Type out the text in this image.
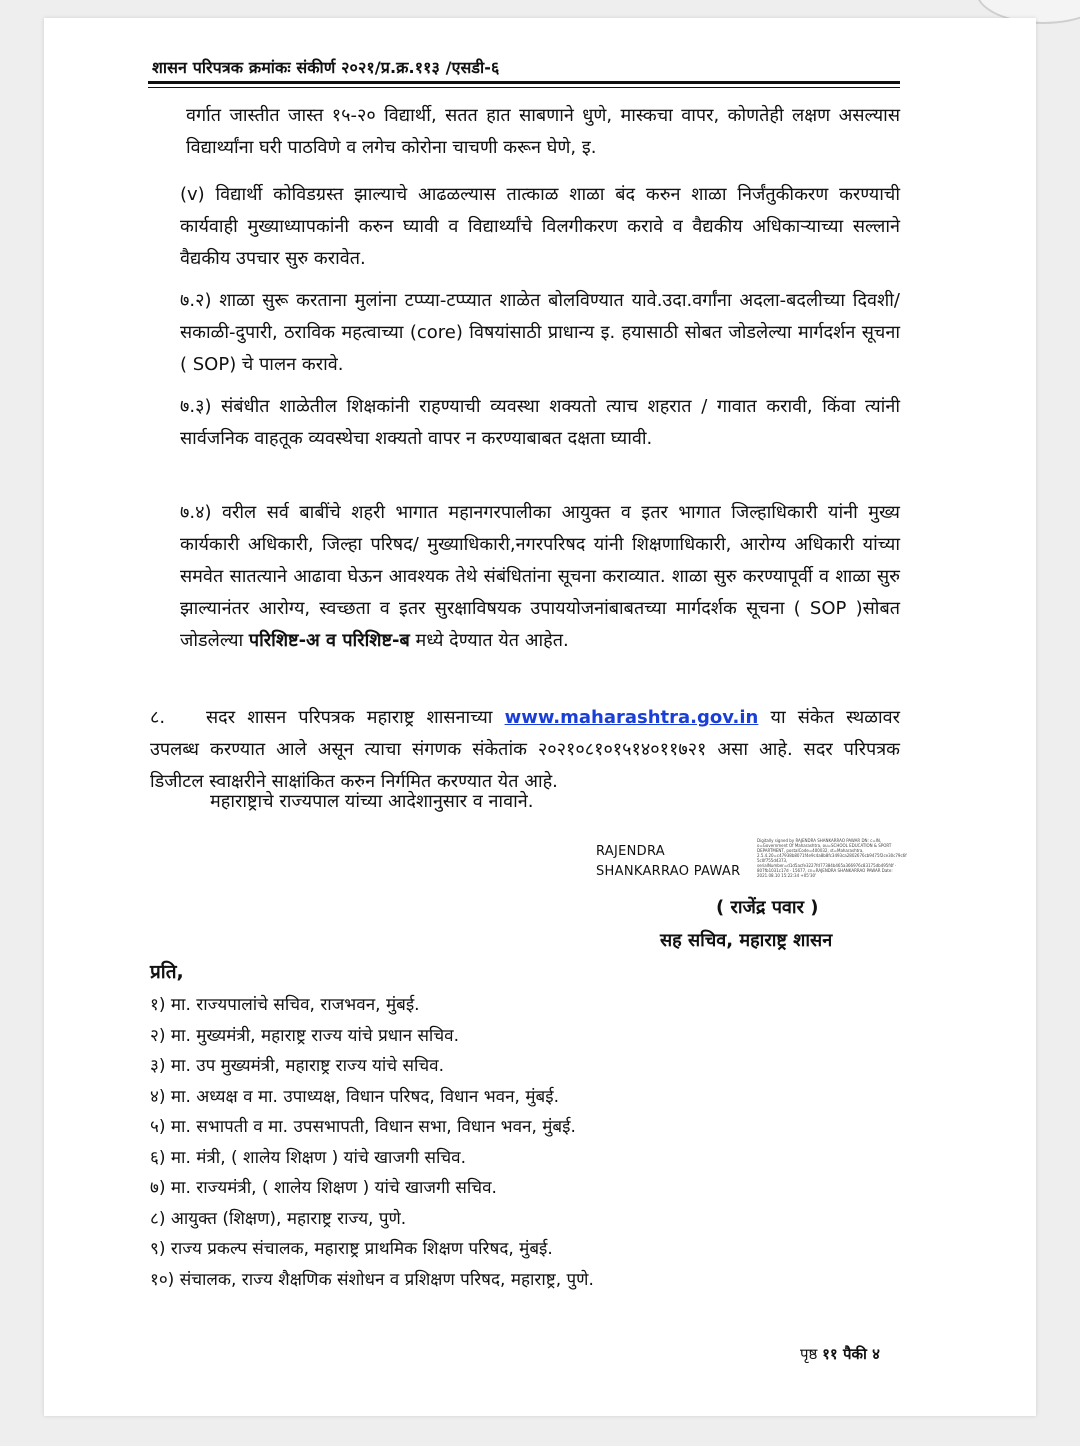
शासन परिपत्रक क्रमांकः संकीर्ण २०२१/प्र.क्र.११३ /एसडी-६
वर्गात जास्तीत जास्त १५-२० विद्यार्थी, सतत हात साबणाने धुणे, मास्कचा वापर, कोणतेही लक्षण असल्यास विद्यार्थ्यांना घरी पाठविणे व लगेच कोरोना चाचणी करून घेणे, इ.
(v) विद्यार्थी कोविडग्रस्त झाल्याचे आढळल्यास तात्काळ शाळा बंद करुन शाळा निर्जंतुकीकरण करण्याची कार्यवाही मुख्याध्यापकांनी करुन घ्यावी व विद्यार्थ्यांचे विलगीकरण करावे व वैद्यकीय अधिकाऱ्याच्या सल्लाने वैद्यकीय उपचार सुरु करावेत.
७.२) शाळा सुरू करताना मुलांना टप्प्या-टप्प्यात शाळेत बोलविण्यात यावे.उदा.वर्गांना अदला-बदलीच्या दिवशी/ सकाळी-दुपारी, ठराविक महत्वाच्या (core) विषयांसाठी प्राधान्य इ. हयासाठी सोबत जोडलेल्या मार्गदर्शन सूचना ( SOP) चे पालन करावे.
७.३) संबंधीत शाळेतील शिक्षकांनी राहण्याची व्यवस्था शक्यतो त्याच शहरात / गावात करावी, किंवा त्यांनी सार्वजनिक वाहतूक व्यवस्थेचा शक्यतो वापर न करण्याबाबत दक्षता घ्यावी.
७.४) वरील सर्व बाबींचे शहरी भागात महानगरपालीका आयुक्त व इतर भागात जिल्हाधिकारी यांनी मुख्य कार्यकारी अधिकारी, जिल्हा परिषद/ मुख्याधिकारी,नगरपरिषद यांनी शिक्षणाधिकारी, आरोग्य अधिकारी यांच्या समवेत सातत्याने आढावा घेऊन आवश्यक तेथे संबंधितांना सूचना कराव्यात. शाळा सुरु करण्यापूर्वी व शाळा सुरु झाल्यानंतर आरोग्य, स्वच्छता व इतर सुरक्षाविषयक उपाययोजनांबाबतच्या मार्गदर्शक सूचना ( SOP )सोबत जोडलेल्या परिशिष्ट-अ व परिशिष्ट-ब मध्ये देण्यात येत आहेत.
८. सदर शासन परिपत्रक महाराष्ट्र शासनाच्या www.maharashtra.gov.in या संकेत स्थळावर उपलब्ध करण्यात आले असून त्याचा संगणक संकेतांक २०२१०८१०१५१४०११७२१ असा आहे. सदर परिपत्रक डिजीटल स्वाक्षरीने साक्षांकित करुन निर्गमित करण्यात येत आहे.
महाराष्ट्राचे राज्यपाल यांच्या आदेशानुसार व नावाने.
RAJENDRA
SHANKARRAO PAWAR
Digitally signed by RAJENDRA SHANKARRAO PAWAR DN: c=IN, o=Government Of Maharashtra, ou=SCHOOL EDUCATION & SPORT DEPARTMENT, postalCode=400032, st=Maharashtra, 2.5.4.20=c47938b8071f4e9c4a8b8fc3493ca2802676cb9475f2ce30c79c6f5c0f755d4373, serialNumber=d1d5acfe3227fd77384b465a366976c83175db495f4f · 807fb1031c17d · 15677, cn=RAJENDRA SHANKARRAO PAWAR Date: 2021.08.10 15:22:34 +05'30'
( राजेंद्र पवार )
सह सचिव, महाराष्ट्र शासन
प्रति,
१) मा. राज्यपालांचे सचिव, राजभवन, मुंबई.
२) मा. मुख्यमंत्री, महाराष्ट्र राज्य यांचे प्रधान सचिव.
३) मा. उप मुख्यमंत्री, महाराष्ट्र राज्य यांचे सचिव.
४) मा. अध्यक्ष व मा. उपाध्यक्ष, विधान परिषद, विधान भवन, मुंबई.
५) मा. सभापती व मा. उपसभापती, विधान सभा, विधान भवन, मुंबई.
६) मा. मंत्री, ( शालेय शिक्षण ) यांचे खाजगी सचिव.
७) मा. राज्यमंत्री, ( शालेय शिक्षण ) यांचे खाजगी सचिव.
८) आयुक्त (शिक्षण), महाराष्ट्र राज्य, पुणे.
९) राज्य प्रकल्प संचालक, महाराष्ट्र प्राथमिक शिक्षण परिषद, मुंबई.
१०) संचालक, राज्य शैक्षणिक संशोधन व प्रशिक्षण परिषद, महाराष्ट्र, पुणे.
पृष्ठ ११ पैकी ४
